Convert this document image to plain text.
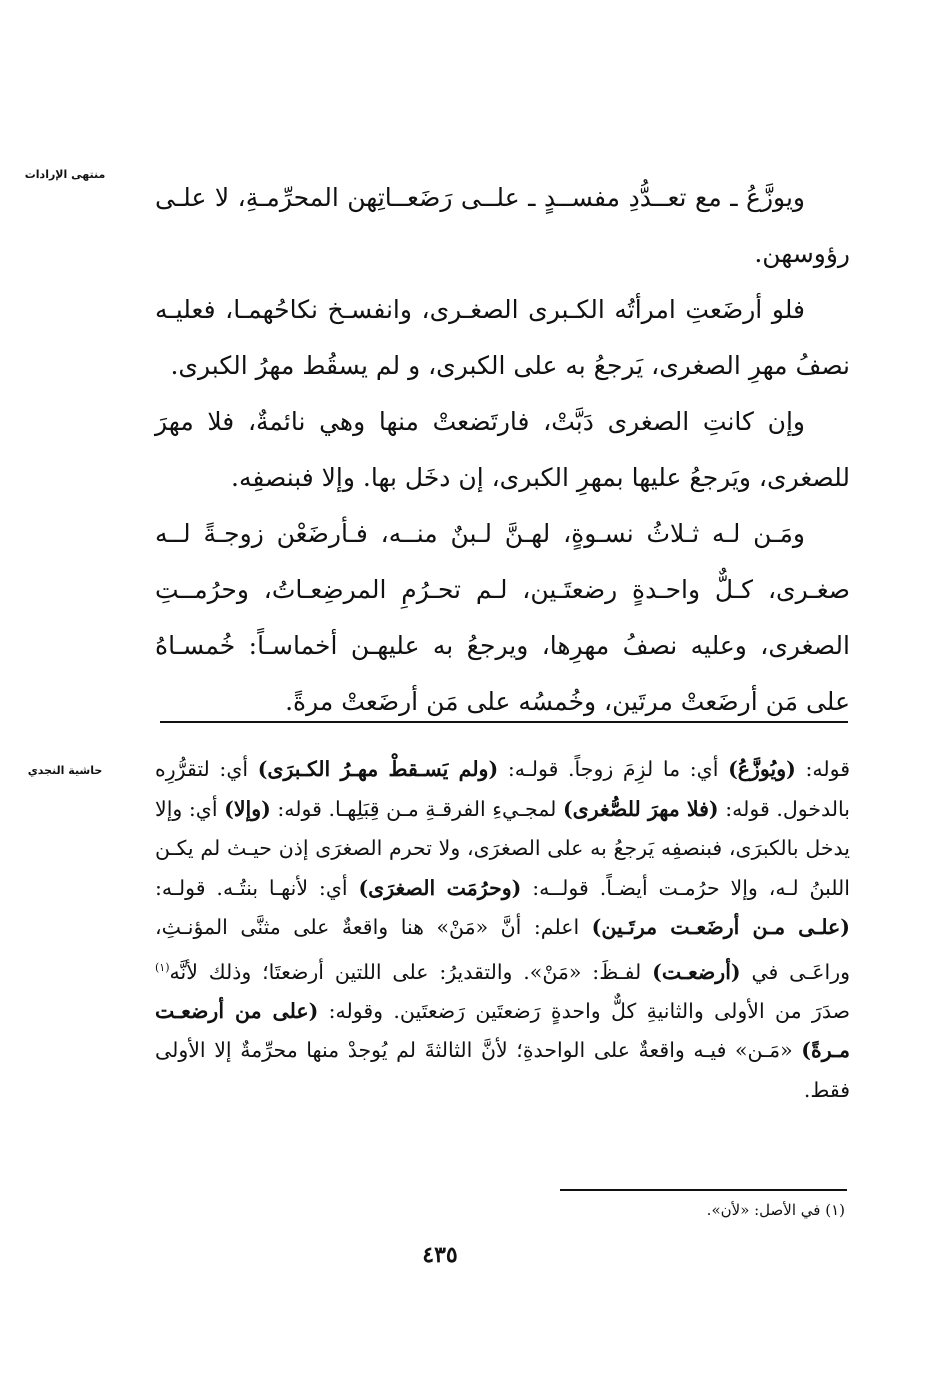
منتهى الإرادات
حاشية النجدي

ويوزَّعُ ـ مع تعــدُّدِ مفســدٍ ـ علــى رَضَعــاتِهن المحرِّمـةِ، لا علـى رؤوسهن.

فلو أرضَعتِ امرأتُه الكـبرى الصغـرى، وانفسـخ نكاحُهمـا، فعليـه نصفُ مهرِ الصغرى، يَرجعُ به على الكبرى، و لم يسقُط مهرُ الكبرى.

وإن كانتِ الصغرى دَبَّتْ، فارتَضعتْ منها وهي نائمةٌ، فلا مهرَ للصغرى، ويَرجعُ عليها بمهرِ الكبرى، إن دخَل بها. وإلا فبنصفِه.

ومَـن لـه ثـلاثُ نسـوةٍ، لهـنَّ لـبنٌ منــه، فـأرضَعْن زوجـةً لــه صغـرى، كـلٌّ واحـدةٍ رضعتَـين، لـم تحـرُمِ المرضِعـاتُ، وحرُمــتِ الصغرى، وعليه نصفُ مهرِها، ويرجعُ به عليهـن أخماسـاً: خُمسـاهُ على مَن أرضَعتْ مرتَين، وخُمسُه على مَن أرضَعتْ مرةً.

قوله: (ويُوزَّعُ) أي: ما لزِمَ زوجاً. قولـه: (ولم يَسـقطْ مهـرُ الكـبرَى) أي: لتقرُّرِه بالدخول. قوله: (فلا مهرَ للصُّغرى) لمجـيءِ الفرقـةِ مـن قِبَلِهـا. قوله: (وإلا) أي: وإلا يدخل بالكبرَى، فبنصفِه يَرجعُ به على الصغرَى، ولا تحرم الصغرَى إذن حيـث لم يكـن اللبنُ لـه، وإلا حرُمـت أيضـاً. قولــه: (وحرُمَت الصغرَى) أي: لأنهـا بنتُـه. قولـه: (علـى مـن أرضَعـت مرتَـين) اعلم: أنَّ «مَنْ» هنا واقعةٌ على مثنَّى المؤنـثِ، وراعَـى في (أرضعـت) لفـظَ: «مَنْ». والتقديرُ: على اللتين أرضعتَا؛ وذلك لأنَّه$^{(١)}$ صدَرَ من الأولى والثانيةِ كلٌّ واحدةٍ رَضعتَين رَضعتَين. وقوله: (على من أرضعـت مـرةً) «مَـن» فيـه واقعةٌ على الواحدةِ؛ لأنَّ الثالثةَ لم يُوجدْ منها محرِّمةٌ إلا الأولى فقط.

(١) في الأصل: «لأن».
٤٣٥
